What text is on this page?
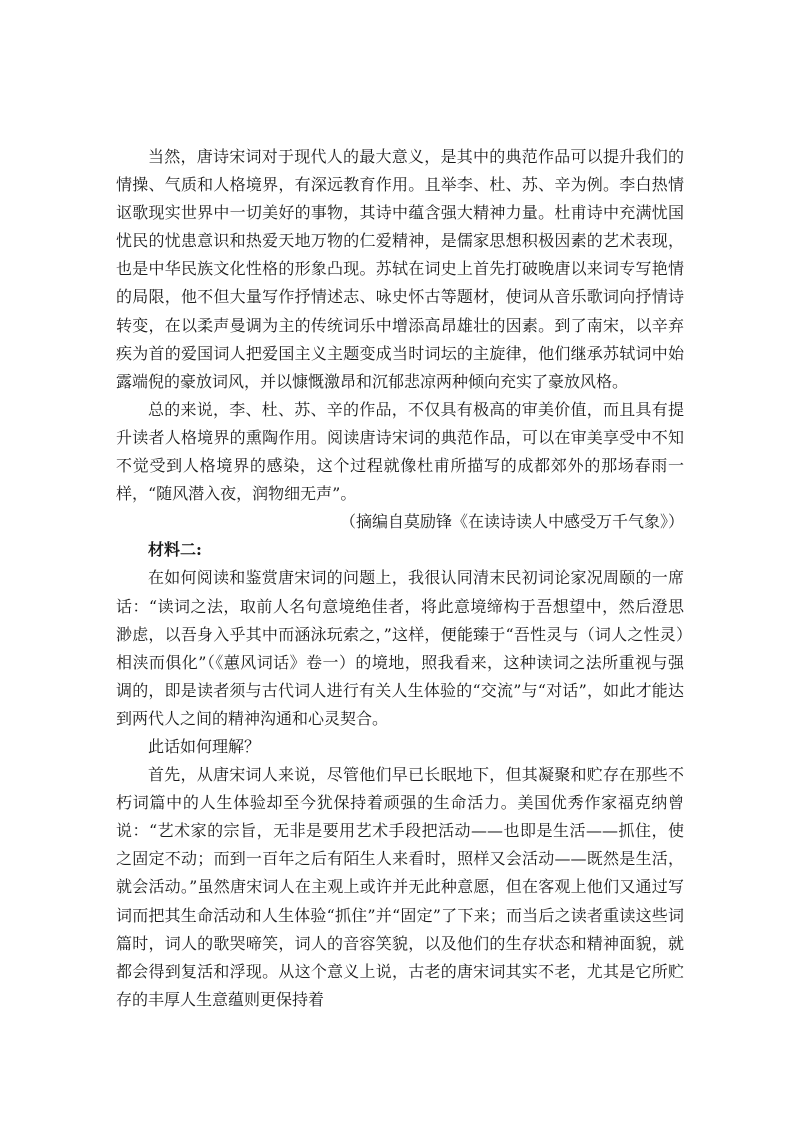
当然，唐诗宋词对于现代人的最大意义，是其中的典范作品可以提升我们的情操、气质和人格境界，有深远教育作用。且举李、杜、苏、辛为例。李白热情讴歌现实世界中一切美好的事物，其诗中蕴含强大精神力量。杜甫诗中充满忧国忧民的忧患意识和热爱天地万物的仁爱精神，是儒家思想积极因素的艺术表现，也是中华民族文化性格的形象凸现。苏轼在词史上首先打破晚唐以来词专写艳情的局限，他不但大量写作抒情述志、咏史怀古等题材，使词从音乐歌词向抒情诗转变，在以柔声曼调为主的传统词乐中增添高昂雄壮的因素。到了南宋，以辛弃疾为首的爱国词人把爱国主义主题变成当时词坛的主旋律，他们继承苏轼词中始露端倪的豪放词风，并以慷慨激昂和沉郁悲凉两种倾向充实了豪放风格。

总的来说，李、杜、苏、辛的作品，不仅具有极高的审美价值，而且具有提升读者人格境界的熏陶作用。阅读唐诗宋词的典范作品，可以在审美享受中不知不觉受到人格境界的感染，这个过程就像杜甫所描写的成都郊外的那场春雨一样，“随风潜入夜，润物细无声”。

（摘编自莫励锋《在读诗读人中感受万千气象》）

材料二:

在如何阅读和鉴赏唐宋词的问题上，我很认同清末民初词论家况周颐的一席话：“读词之法，取前人名句意境绝佳者，将此意境缔构于吾想望中，然后澄思渺虑，以吾身入乎其中而涵泳玩索之，”这样，便能臻于“吾性灵与（词人之性灵）相浃而俱化”（《蕙风词话》卷一）的境地，照我看来，这种读词之法所重视与强调的，即是读者须与古代词人进行有关人生体验的“交流”与“对话”，如此才能达到两代人之间的精神沟通和心灵契合。

此话如何理解？

首先，从唐宋词人来说，尽管他们早已长眠地下，但其凝聚和贮存在那些不朽词篇中的人生体验却至今犹保持着顽强的生命活力。美国优秀作家福克纳曾说：“艺术家的宗旨，无非是要用艺术手段把活动——也即是生活——抓住，使之固定不动；而到一百年之后有陌生人来看时，照样又会活动——既然是生活，就会活动。”虽然唐宋词人在主观上或许并无此种意愿，但在客观上他们又通过写词而把其生命活动和人生体验“抓住”并“固定”了下来；而当后之读者重读这些词篇时，词人的歌哭啼笑，词人的音容笑貌，以及他们的生存状态和精神面貌，就都会得到复活和浮现。从这个意义上说，古老的唐宋词其实不老，尤其是它所贮存的丰厚人生意蕴则更保持着
